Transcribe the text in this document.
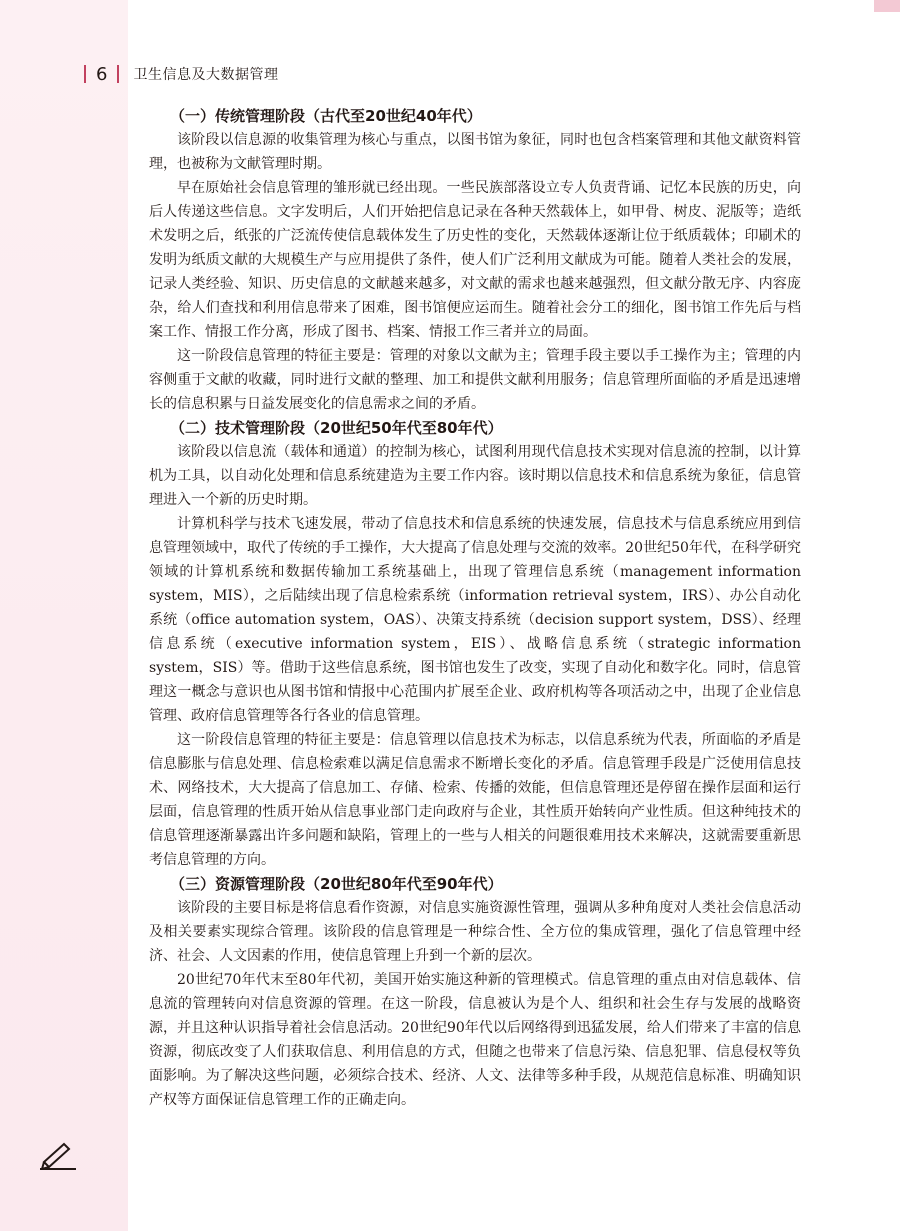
6 卫生信息及大数据管理
（一）传统管理阶段（古代至20世纪40年代）

该阶段以信息源的收集管理为核心与重点，以图书馆为象征，同时也包含档案管理和其他文献资料管理，也被称为文献管理时期。

早在原始社会信息管理的雏形就已经出现。一些民族部落设立专人负责背诵、记忆本民族的历史，向后人传递这些信息。文字发明后，人们开始把信息记录在各种天然载体上，如甲骨、树皮、泥版等；造纸术发明之后，纸张的广泛流传使信息载体发生了历史性的变化，天然载体逐渐让位于纸质载体；印刷术的发明为纸质文献的大规模生产与应用提供了条件，使人们广泛利用文献成为可能。随着人类社会的发展，记录人类经验、知识、历史信息的文献越来越多，对文献的需求也越来越强烈，但文献分散无序、内容庞杂，给人们查找和利用信息带来了困难，图书馆便应运而生。随着社会分工的细化，图书馆工作先后与档案工作、情报工作分离，形成了图书、档案、情报工作三者并立的局面。

这一阶段信息管理的特征主要是：管理的对象以文献为主；管理手段主要以手工操作为主；管理的内容侧重于文献的收藏，同时进行文献的整理、加工和提供文献利用服务；信息管理所面临的矛盾是迅速增长的信息积累与日益发展变化的信息需求之间的矛盾。

（二）技术管理阶段（20世纪50年代至80年代）

该阶段以信息流（载体和通道）的控制为核心，试图利用现代信息技术实现对信息流的控制，以计算机为工具，以自动化处理和信息系统建造为主要工作内容。该时期以信息技术和信息系统为象征，信息管理进入一个新的历史时期。

计算机科学与技术飞速发展，带动了信息技术和信息系统的快速发展，信息技术与信息系统应用到信息管理领域中，取代了传统的手工操作，大大提高了信息处理与交流的效率。20世纪50年代，在科学研究领域的计算机系统和数据传输加工系统基础上，出现了管理信息系统（management information system，MIS），之后陆续出现了信息检索系统（information retrieval system，IRS）、办公自动化系统（office automation system，OAS）、决策支持系统（decision support system，DSS）、经理信息系统（executive information system，EIS）、战略信息系统（strategic information system，SIS）等。借助于这些信息系统，图书馆也发生了改变，实现了自动化和数字化。同时，信息管理这一概念与意识也从图书馆和情报中心范围内扩展至企业、政府机构等各项活动之中，出现了企业信息管理、政府信息管理等各行各业的信息管理。

这一阶段信息管理的特征主要是：信息管理以信息技术为标志，以信息系统为代表，所面临的矛盾是信息膨胀与信息处理、信息检索难以满足信息需求不断增长变化的矛盾。信息管理手段是广泛使用信息技术、网络技术，大大提高了信息加工、存储、检索、传播的效能，但信息管理还是停留在操作层面和运行层面，信息管理的性质开始从信息事业部门走向政府与企业，其性质开始转向产业性质。但这种纯技术的信息管理逐渐暴露出许多问题和缺陷，管理上的一些与人相关的问题很难用技术来解决，这就需要重新思考信息管理的方向。

（三）资源管理阶段（20世纪80年代至90年代）

该阶段的主要目标是将信息看作资源，对信息实施资源性管理，强调从多种角度对人类社会信息活动及相关要素实现综合管理。该阶段的信息管理是一种综合性、全方位的集成管理，强化了信息管理中经济、社会、人文因素的作用，使信息管理上升到一个新的层次。

20世纪70年代末至80年代初，美国开始实施这种新的管理模式。信息管理的重点由对信息载体、信息流的管理转向对信息资源的管理。在这一阶段，信息被认为是个人、组织和社会生存与发展的战略资源，并且这种认识指导着社会信息活动。20世纪90年代以后网络得到迅猛发展，给人们带来了丰富的信息资源，彻底改变了人们获取信息、利用信息的方式，但随之也带来了信息污染、信息犯罪、信息侵权等负面影响。为了解决这些问题，必须综合技术、经济、人文、法律等多种手段，从规范信息标准、明确知识产权等方面保证信息管理工作的正确走向。
